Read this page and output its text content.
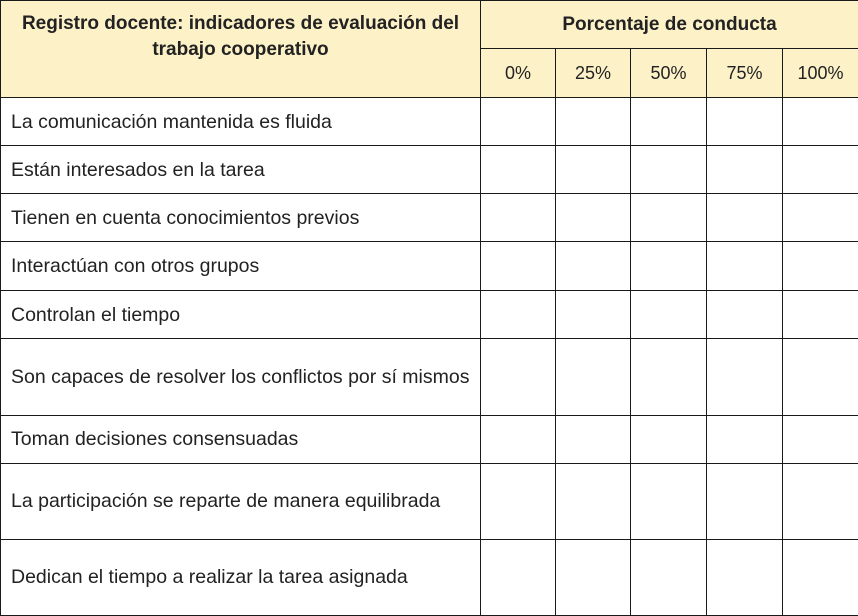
Registro docente: indicadores de evaluación del trabajo cooperativo	Porcentaje de conducta				
	0%	25%	50%	75%	100%
La comunicación mantenida es fluida					
Están interesados en la tarea					
Tienen en cuenta conocimientos previos					
Interactúan con otros grupos					
Controlan el tiempo					
Son capaces de resolver los conflictos por sí mismos					
Toman decisiones consensuadas					
La participación se reparte de manera equilibrada					
Dedican el tiempo a realizar la tarea asignada					
